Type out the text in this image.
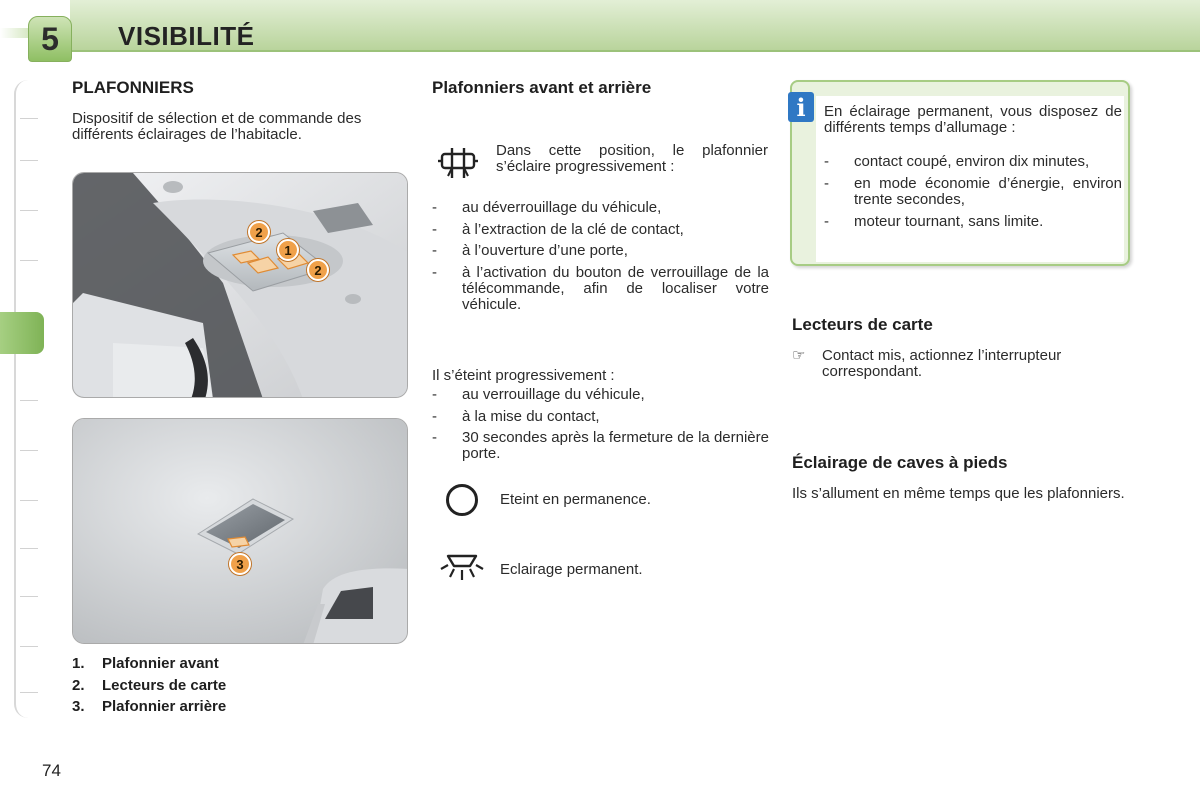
5	VISIBILITÉ
PLAFONNIERS

Dispositif de sélection et de commande des différents éclairages de l’habitacle.

2
1
2
3
1. Plafonnier avant
2. Lecteurs de carte
3. Plafonnier arrière
Plafonniers avant et arrière

Dans cette position, le plafonnier s’éclaire progressivement :

- au déverrouillage du véhicule,
- à l’extraction de la clé de contact,
- à l’ouverture d’une porte,
- à l’activation du bouton de verrouillage de la télécommande, afin de localiser votre véhicule.

Il s’éteint progressivement :

- au verrouillage du véhicule,
- à la mise du contact,
- 30 secondes après la fermeture de la dernière porte.

Eteint en permanence.

Eclairage permanent.

i	En éclairage permanent, vous disposez de différents temps d’allumage :

- contact coupé, environ dix minutes,
- en mode économie d’énergie, environ trente secondes,
- moteur tournant, sans limite.
Lecteurs de carte
☞ Contact mis, actionnez l’interrupteur correspondant.
Éclairage de caves à pieds

Ils s’allument en même temps que les plafonniers.

74
